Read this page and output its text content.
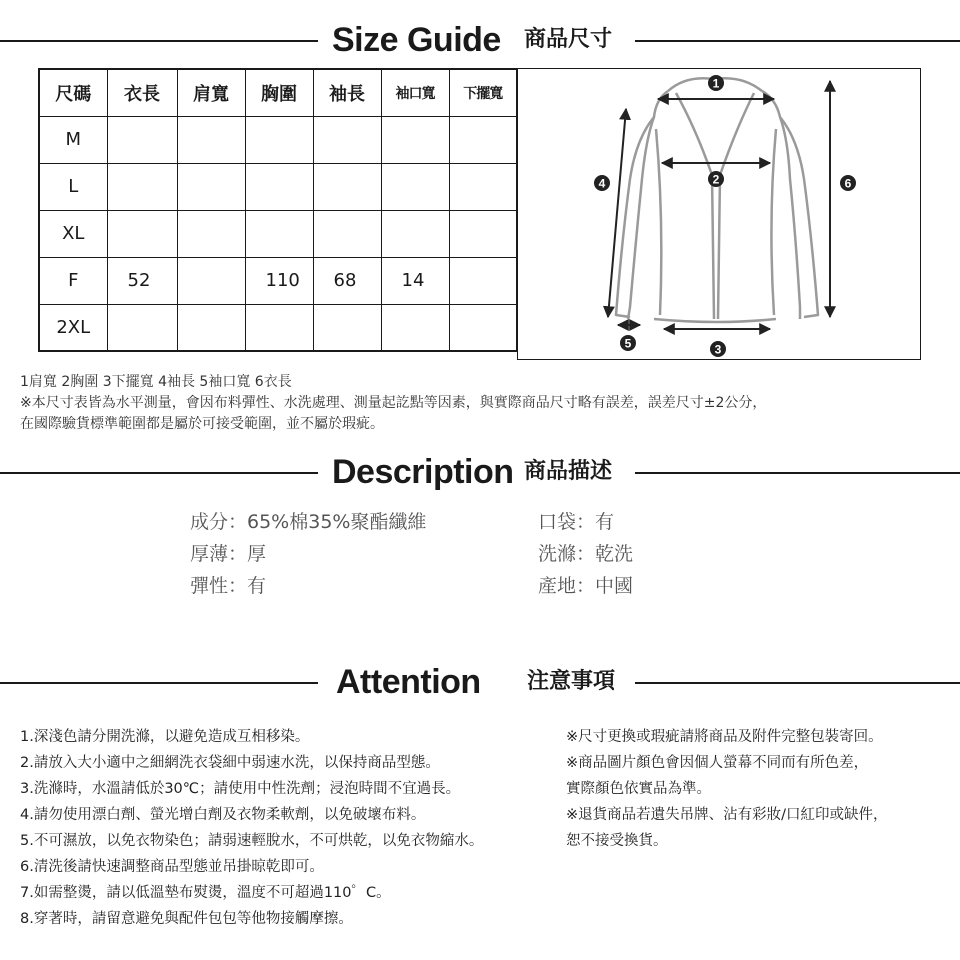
Size Guide 商品尺寸
尺碼	衣長	肩寬	胸圍	袖長	袖口寬	下擺寬
M						
L						
XL						
F	52		110	68	14	
2XL						
1
2
3
4
5
6
1肩寬 2胸圍 3下擺寬 4袖長 5袖口寬 6衣長
※本尺寸表皆為水平測量，會因布料彈性、水洗處理、測量起訖點等因素，與實際商品尺寸略有誤差，誤差尺寸±2公分，
在國際驗貨標準範圍都是屬於可接受範圍，並不屬於瑕疵。
Description 商品描述
成分：65%棉35%聚酯纖維
厚薄：厚
彈性：有
口袋：有
洗滌：乾洗
產地：中國
Attention 注意事項
1.深淺色請分開洗滌，以避免造成互相移染。
2.請放入大小適中之細網洗衣袋細中弱速水洗，以保持商品型態。
3.洗滌時，水溫請低於30℃；請使用中性洗劑；浸泡時間不宜過長。
4.請勿使用漂白劑、螢光增白劑及衣物柔軟劑，以免破壞布料。
5.不可濕放，以免衣物染色；請弱速輕脫水，不可烘乾，以免衣物縮水。
6.清洗後請快速調整商品型態並吊掛晾乾即可。
7.如需整燙，請以低溫墊布熨燙，溫度不可超過110゜C。
8.穿著時，請留意避免與配件包包等他物接觸摩擦。
※尺寸更換或瑕疵請將商品及附件完整包裝寄回。
※商品圖片顏色會因個人螢幕不同而有所色差，
實際顏色依實品為準。
※退貨商品若遺失吊牌、沾有彩妝/口紅印或缺件，
恕不接受換貨。
